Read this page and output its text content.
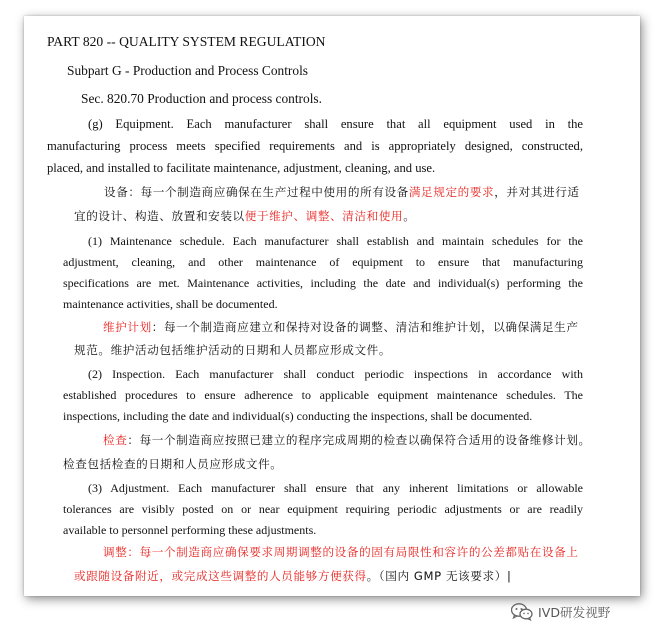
PART 820 -- QUALITY SYSTEM REGULATION
Subpart G - Production and Process Controls
Sec. 820.70 Production and process controls.
(g) Equipment. Each manufacturer shall ensure that all equipment used in the
manufacturing process meets specified requirements and is appropriately designed, constructed,
placed, and installed to facilitate maintenance, adjustment, cleaning, and use.
设备：每一个制造商应确保在生产过程中使用的所有设备满足规定的要求，并对其进行适
宜的设计、构造、放置和安装以便于维护、调整、清洁和使用。
(1) Maintenance schedule. Each manufacturer shall establish and maintain schedules for the
adjustment, cleaning, and other maintenance of equipment to ensure that manufacturing
specifications are met. Maintenance activities, including the date and individual(s) performing the
maintenance activities, shall be documented.
维护计划：每一个制造商应建立和保持对设备的调整、清洁和维护计划，以确保满足生产
规范。维护活动包括维护活动的日期和人员都应形成文件。
(2) Inspection. Each manufacturer shall conduct periodic inspections in accordance with
established procedures to ensure adherence to applicable equipment maintenance schedules. The
inspections, including the date and individual(s) conducting the inspections, shall be documented.
检查：每一个制造商应按照已建立的程序完成周期的检查以确保符合适用的设备维修计划。
检查包括检查的日期和人员应形成文件。
(3) Adjustment. Each manufacturer shall ensure that any inherent limitations or allowable
tolerances are visibly posted on or near equipment requiring periodic adjustments or are readily
available to personnel performing these adjustments.
调整：每一个制造商应确保要求周期调整的设备的固有局限性和容许的公差都贴在设备上
或跟随设备附近，或完成这些调整的人员能够方便获得。（国内 GMP 无该要求）|
IVD研发视野
